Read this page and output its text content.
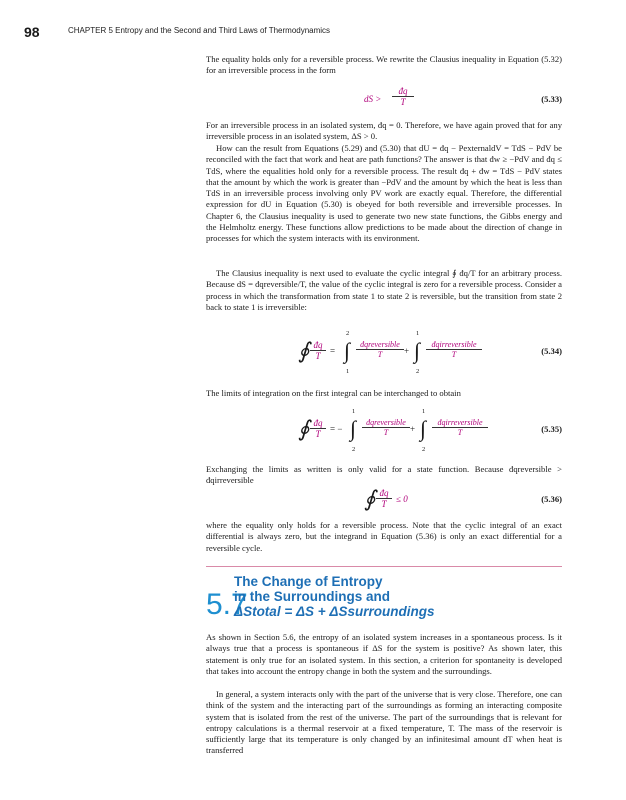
98	CHAPTER 5 Entropy and the Second and Third Laws of Thermodynamics

The equality holds only for a reversible process. We rewrite the Clausius inequality in Equation (5.32) for an irreversible process in the form

dS > $\frac{đq}{T}$	(5.33)

For an irreversible process in an isolated system, đq = 0. Therefore, we have again proved that for any irreversible process in an isolated system, ΔS > 0.

How can the result from Equations (5.29) and (5.30) that dU = đq − PexternaldV = TdS − PdV be reconciled with the fact that work and heat are path functions? The answer is that đw ≥ −PdV and đq ≤ TdS, where the equalities hold only for a reversible process. The result đq + đw = TdS − PdV states that the amount by which the work is greater than −PdV and the amount by which the heat is less than TdS in an irreversible process involving only PV work are exactly equal. Therefore, the differential expression for dU in Equation (5.30) is obeyed for both reversible and irreversible processes. In Chapter 6, the Clausius inequality is used to generate two new state functions, the Gibbs energy and the Helmholtz energy. These functions allow predictions to be made about the direction of change in processes for which the system interacts with its environment.

The Clausius inequality is next used to evaluate the cyclic integral ∮ đq/T for an arbitrary process. Because dS = đqreversible/T, the value of the cyclic integral is zero for a reversible process. Consider a process in which the transformation from state 1 to state 2 is reversible, but the transition from state 2 back to state 1 is irreversible:

∮ $\frac{đq}{T}$ = ∫
2
1
đqreversible
T	+ ∫
1
2
đqirreversible
T	(5.34)

The limits of integration on the first integral can be interchanged to obtain

∮ $\frac{đq}{T}$ = − ∫
1
2
đqreversible
T	+ ∫
1
2
đqirreversible
T	(5.35)

Exchanging the limits as written is only valid for a state function. Because đqreversible > đqirreversible

∮ $\frac{đq}{T} \le 0$	(5.36)

where the equality only holds for a reversible process. Note that the cyclic integral of an exact differential is always zero, but the integrand in Equation (5.36) is only an exact differential for a reversible cycle.

5.7
The Change of Entropy
in the Surroundings and
ΔStotal = ΔS + ΔSsurroundings

As shown in Section 5.6, the entropy of an isolated system increases in a spontaneous process. Is it always true that a process is spontaneous if ΔS for the system is positive? As shown later, this statement is only true for an isolated system. In this section, a criterion for spontaneity is developed that takes into account the entropy change in both the system and the surroundings.

In general, a system interacts only with the part of the universe that is very close. Therefore, one can think of the system and the interacting part of the surroundings as forming an interacting composite system that is isolated from the rest of the universe. The part of the surroundings that is relevant for entropy calculations is a thermal reservoir at a fixed temperature, T. The mass of the reservoir is sufficiently large that its temperature is only changed by an infinitesimal amount dT when heat is transferred
